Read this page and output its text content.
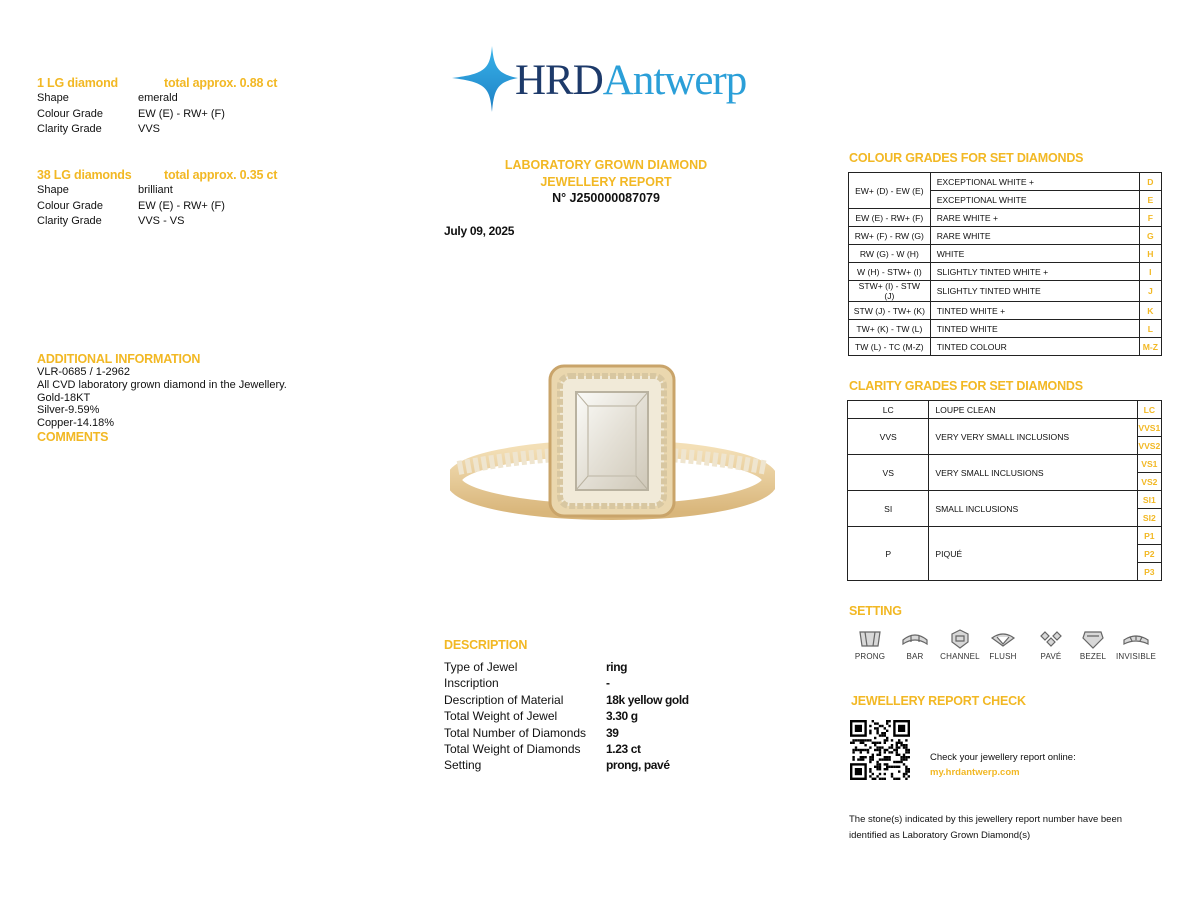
1 LG diamond	total approx. 0.88 ct
Shape	emerald
Colour Grade	EW (E) - RW+ (F)
Clarity Grade	VVS
38 LG diamonds	total approx. 0.35 ct
Shape	brilliant
Colour Grade	EW (E) - RW+ (F)
Clarity Grade	VVS - VS
ADDITIONAL INFORMATION
VLR-0685 / 1-2962
All CVD laboratory grown diamond in the Jewellery.
Gold-18KT
Silver-9.59%
Copper-14.18%
COMMENTS
HRDAntwerp
LABORATORY GROWN DIAMOND
JEWELLERY REPORT
N° J250000087079
July 09, 2025
DESCRIPTION
Type of Jewel	ring
Inscription	-
Description of Material	18k yellow gold
Total Weight of Jewel	3.30 g
Total Number of Diamonds 39
Total Weight of Diamonds 1.23 ct
Setting	prong, pavé
COLOUR GRADES FOR SET DIAMONDS
EW+ (D) - EW (E)	EXCEPTIONAL WHITE +	D
	EXCEPTIONAL WHITE	E
EW (E) - RW+ (F)	RARE WHITE +	F
RW+ (F) - RW (G)	RARE WHITE	G
RW (G) - W (H)	WHITE	H
W (H) - STW+ (I)	SLIGHTLY TINTED WHITE +	I
STW+ (I) - STW (J)	SLIGHTLY TINTED WHITE	J
STW (J) - TW+ (K)	TINTED WHITE +	K
TW+ (K) - TW (L)	TINTED WHITE	L
TW (L) - TC (M-Z)	TINTED COLOUR	M-Z
CLARITY GRADES FOR SET DIAMONDS
LC	LOUPE CLEAN	LC
VVS	VERY VERY SMALL INCLUSIONS	VVS1
		VVS2
VS	VERY SMALL INCLUSIONS	VS1
		VS2
SI	SMALL INCLUSIONS	SI1
		SI2
P	PIQUÉ	P1
		P2
		P3
SETTING
PRONG	BAR	CHANNEL	FLUSH	PAVÉ	BEZEL	INVISIBLE
JEWELLERY REPORT CHECK
Check your jewellery report online:
my.hrdantwerp.com
The stone(s) indicated by this jewellery report number have been
identified as Laboratory Grown Diamond(s)
